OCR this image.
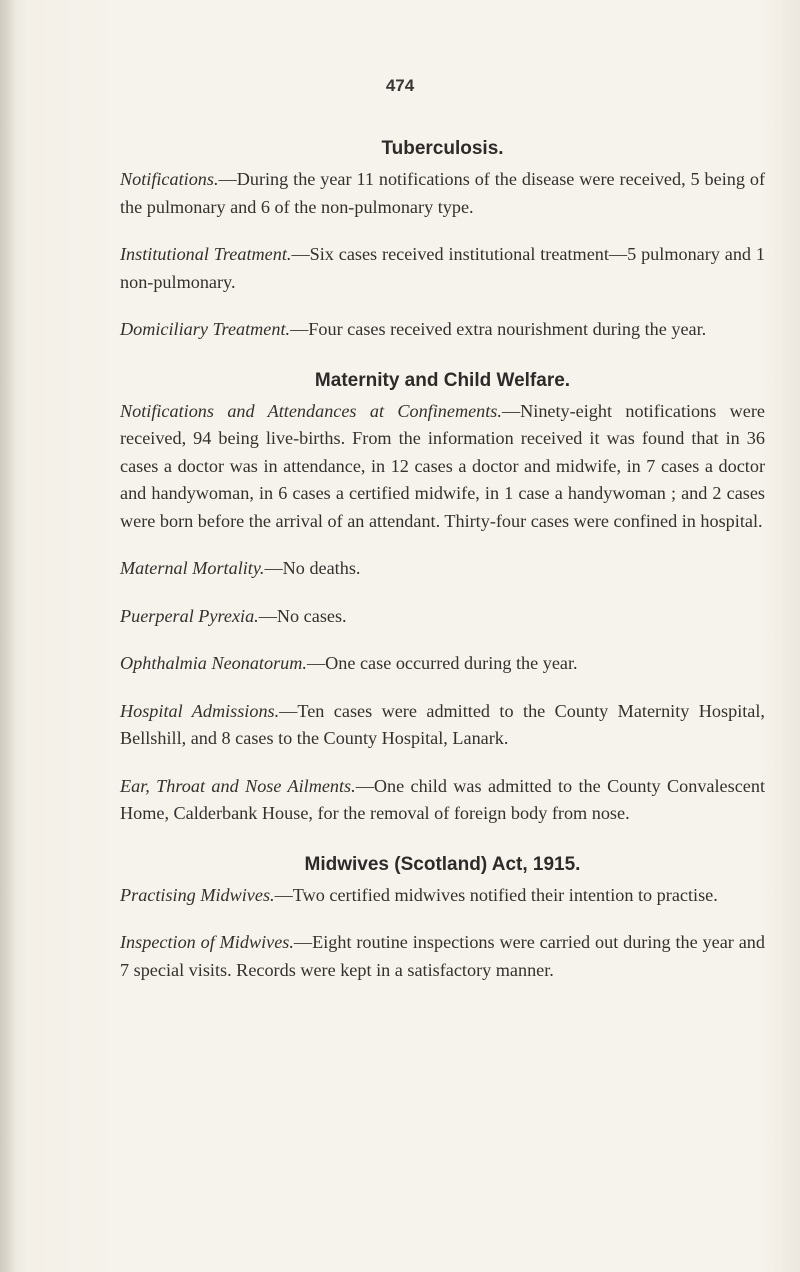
474
Tuberculosis.

Notifications.—During the year 11 notifications of the disease were received, 5 being of the pulmonary and 6 of the non-pulmonary type.

Institutional Treatment.—Six cases received institutional treatment—5 pulmonary and 1 non-pulmonary.

Domiciliary Treatment.—Four cases received extra nourishment during the year.

Maternity and Child Welfare.

Notifications and Attendances at Confinements.—Ninety-eight notifications were received, 94 being live-births. From the information received it was found that in 36 cases a doctor was in attendance, in 12 cases a doctor and midwife, in 7 cases a doctor and handywoman, in 6 cases a certified midwife, in 1 case a handywoman ; and 2 cases were born before the arrival of an attendant. Thirty-four cases were confined in hospital.

Maternal Mortality.—No deaths.

Puerperal Pyrexia.—No cases.

Ophthalmia Neonatorum.—One case occurred during the year.

Hospital Admissions.—Ten cases were admitted to the County Maternity Hospital, Bellshill, and 8 cases to the County Hospital, Lanark.

Ear, Throat and Nose Ailments.—One child was admitted to the County Convalescent Home, Calderbank House, for the removal of foreign body from nose.

Midwives (Scotland) Act, 1915.

Practising Midwives.—Two certified midwives notified their intention to practise.

Inspection of Midwives.—Eight routine inspections were carried out during the year and 7 special visits. Records were kept in a satisfactory manner.
